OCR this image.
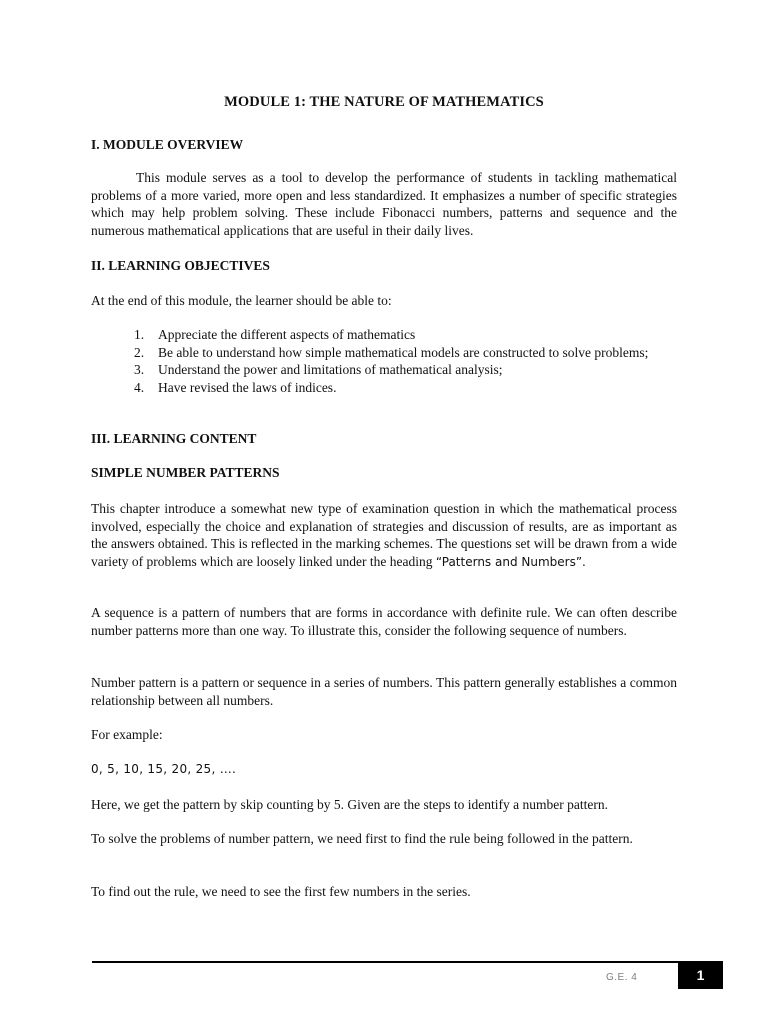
MODULE 1: THE NATURE OF MATHEMATICS
I. MODULE OVERVIEW

This module serves as a tool to develop the performance of students in tackling mathematical problems of a more varied, more open and less standardized. It emphasizes a number of specific strategies which may help problem solving. These include Fibonacci numbers, patterns and sequence and the numerous mathematical applications that are useful in their daily lives.

II. LEARNING OBJECTIVES

At the end of this module, the learner should be able to:

1. Appreciate the different aspects of mathematics
2. Be able to understand how simple mathematical models are constructed to solve problems;
3. Understand the power and limitations of mathematical analysis;
4. Have revised the laws of indices.
III. LEARNING CONTENT
SIMPLE NUMBER PATTERNS

This chapter introduce a somewhat new type of examination question in which the mathematical process involved, especially the choice and explanation of strategies and discussion of results, are as important as the answers obtained. This is reflected in the marking schemes. The questions set will be drawn from a wide variety of problems which are loosely linked under the heading “Patterns and Numbers”.

A sequence is a pattern of numbers that are forms in accordance with definite rule. We can often describe number patterns more than one way. To illustrate this, consider the following sequence of numbers.

Number pattern is a pattern or sequence in a series of numbers. This pattern generally establishes a common relationship between all numbers.

For example:

0, 5, 10, 15, 20, 25, ….

Here, we get the pattern by skip counting by 5. Given are the steps to identify a number pattern.

To solve the problems of number pattern, we need first to find the rule being followed in the pattern.

To find out the rule, we need to see the first few numbers in the series.

G.E. 4	1
